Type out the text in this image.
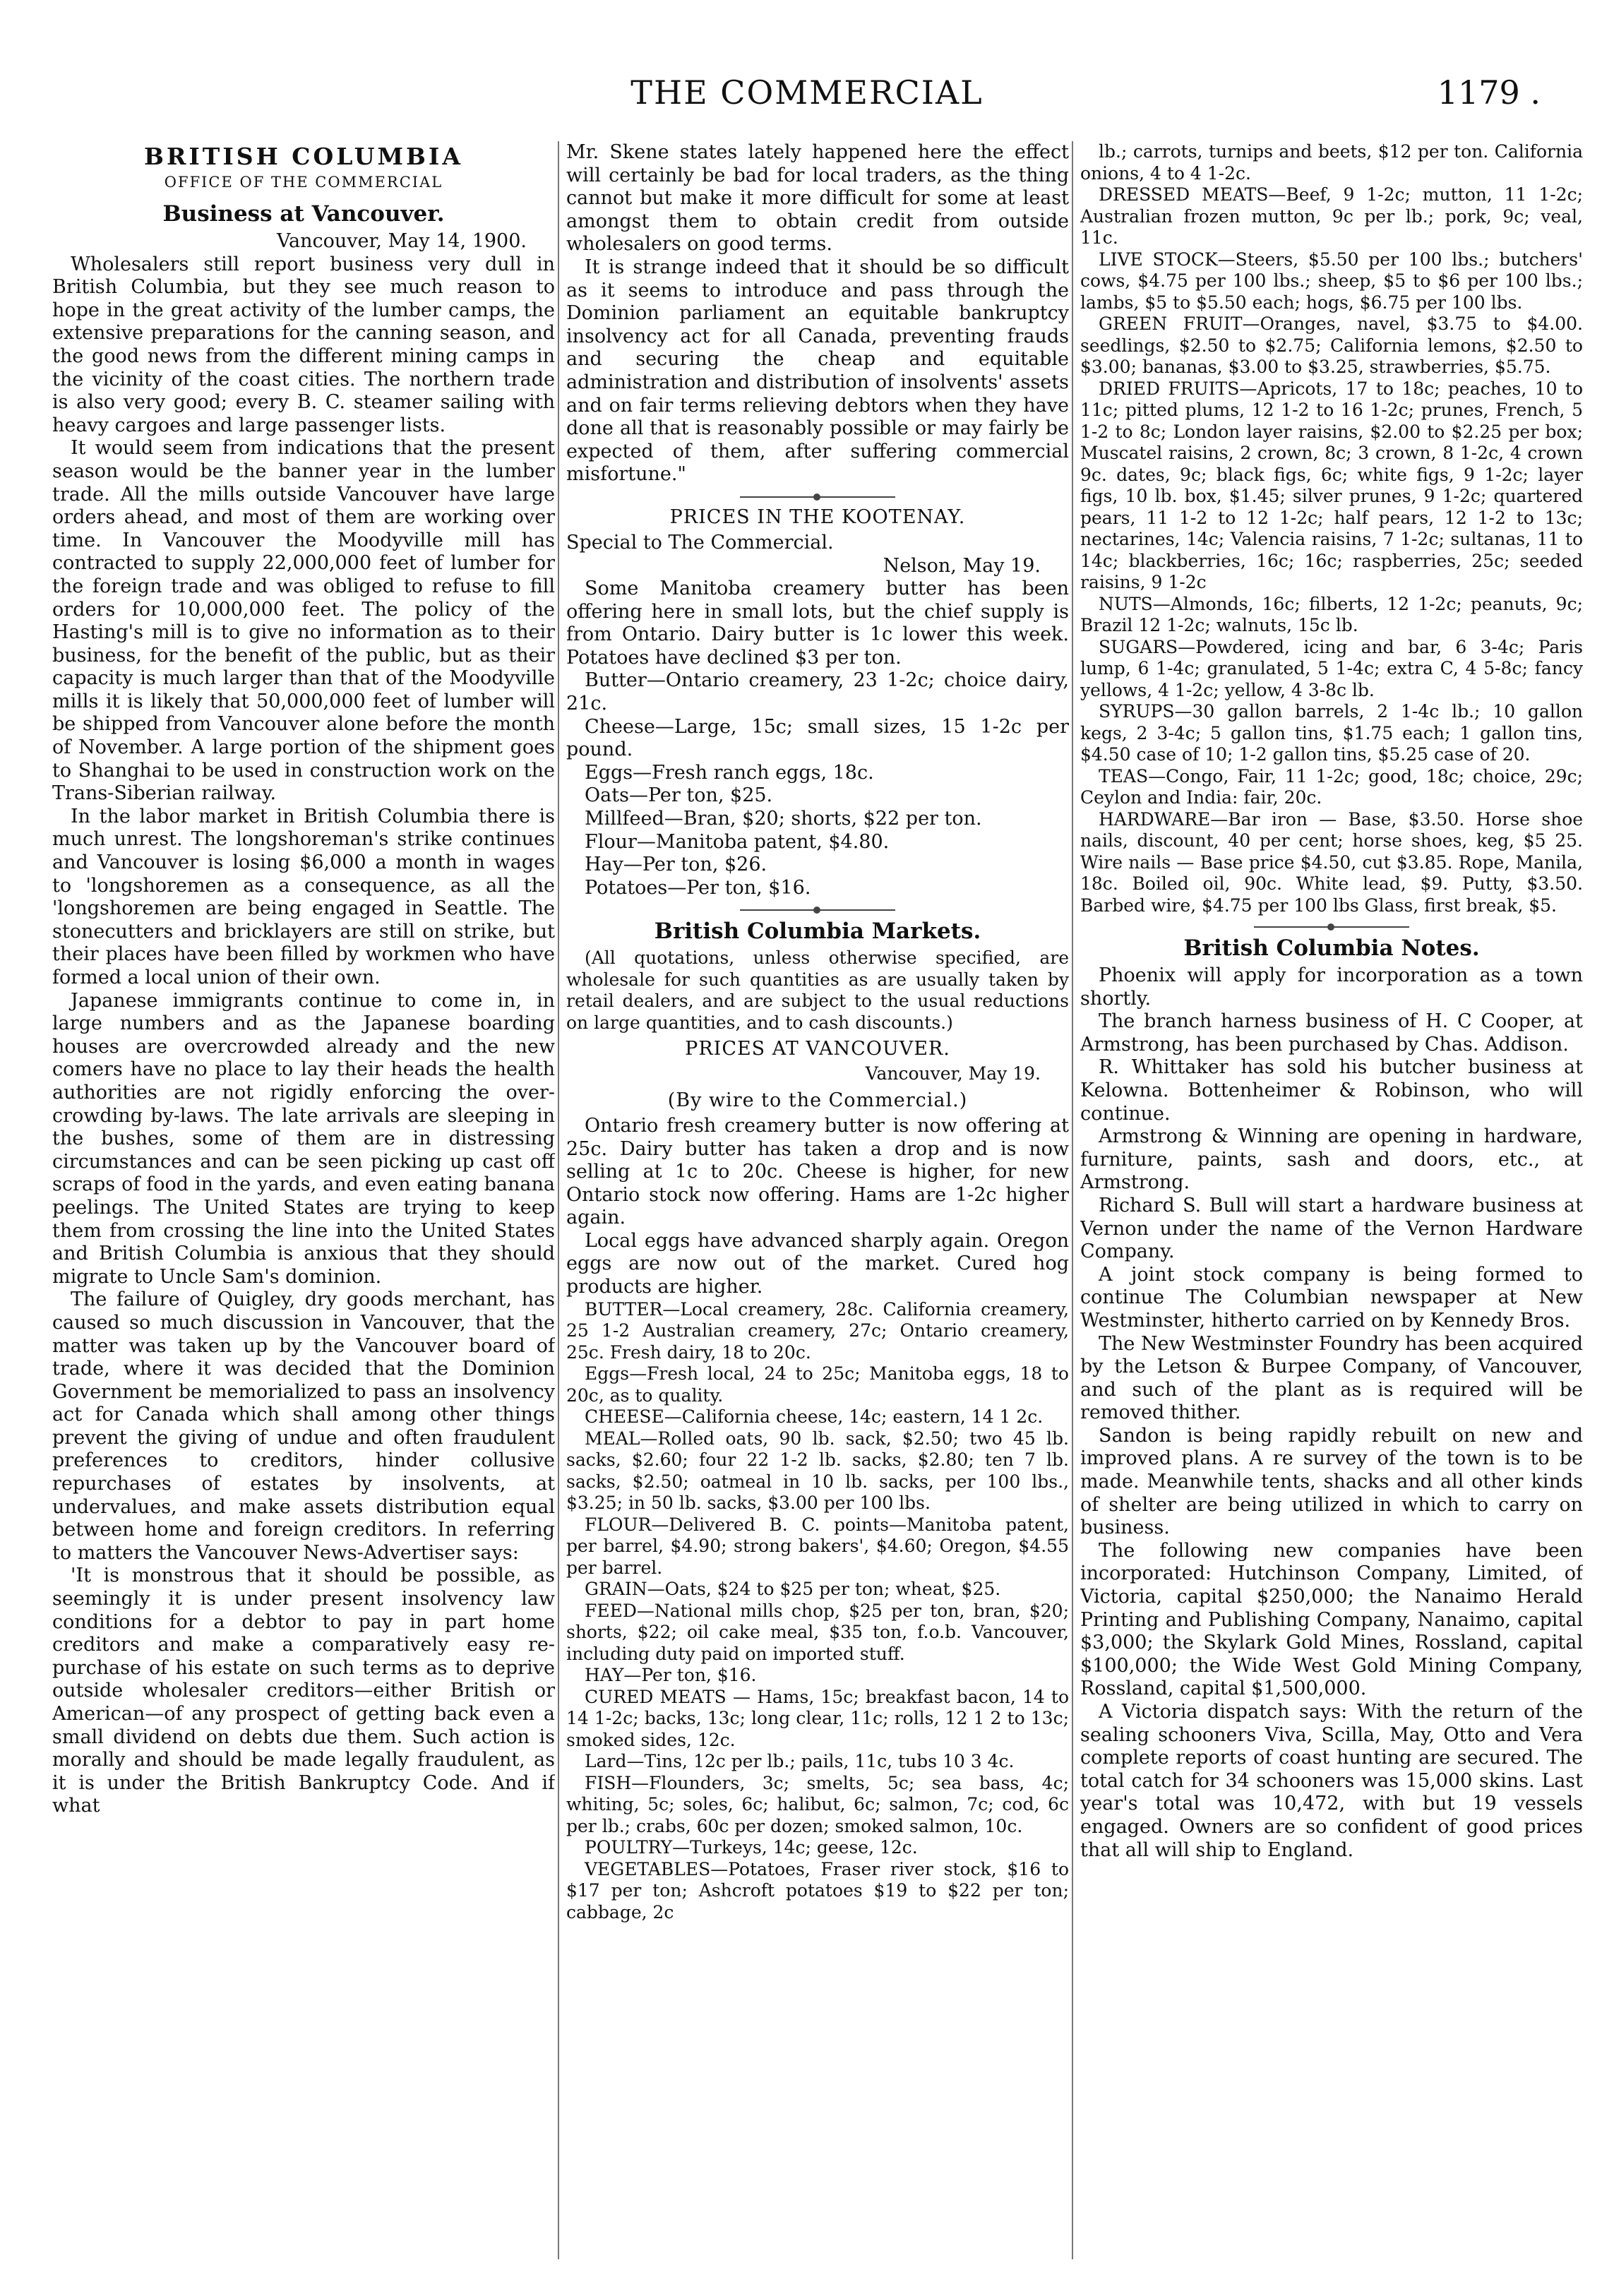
THE COMMERCIAL	1179 .
BRITISH COLUMBIA
OFFICE OF THE COMMERCIAL
Business at Vancouver.
Vancouver, May 14, 1900.

Wholesalers still report business very dull in British Columbia, but they see much reason to hope in the great activity of the lumber camps, the extensive preparations for the canning season, and the good news from the different mining camps in the vicinity of the coast cities. The northern trade is also very good; every B. C. steamer sailing with heavy cargoes and large passenger lists.

It would seem from indications that the present season would be the banner year in the lumber trade. All the mills outside Vancouver have large orders ahead, and most of them are working over time. In Vancouver the Moodyville mill has contracted to supply 22,000,000 feet of lumber for the foreign trade and was obliged to refuse to fill orders for 10,000,000 feet. The policy of the Hasting's mill is to give no information as to their business, for the benefit of the public, but as their capacity is much larger than that of the Moodyville mills it is likely that 50,000,000 feet of lumber will be shipped from Vancouver alone before the month of November. A large portion of the shipment goes to Shanghai to be used in construction work on the Trans-Siberian railway.

In the labor market in British Columbia there is much unrest. The longshoreman's strike continues and Vancouver is losing $6,000 a month in wages to 'longshoremen as a consequence, as all the 'longshoremen are being engaged in Seattle. The stonecutters and bricklayers are still on strike, but their places have been filled by workmen who have formed a local union of their own.

Japanese immigrants continue to come in, in large numbers and as the Japanese boarding houses are overcrowded already and the new comers have no place to lay their heads the health authorities are not rigidly enforcing the over-crowding by-laws. The late arrivals are sleeping in the bushes, some of them are in distressing circumstances and can be seen picking up cast off scraps of food in the yards, and even eating banana peelings. The United States are trying to keep them from crossing the line into the United States and British Columbia is anxious that they should migrate to Uncle Sam's dominion.

The failure of Quigley, dry goods merchant, has caused so much discussion in Vancouver, that the matter was taken up by the Vancouver board of trade, where it was decided that the Dominion Government be memorialized to pass an insolvency act for Canada which shall among other things prevent the giving of undue and often fraudulent preferences to creditors, hinder collusive repurchases of estates by insolvents, at undervalues, and make assets distribution equal between home and foreign creditors. In referring to matters the Vancouver News-Advertiser says:

'It is monstrous that it should be possible, as seemingly it is under present insolvency law conditions for a debtor to pay in part home creditors and make a comparatively easy re-purchase of his estate on such terms as to deprive outside wholesaler creditors—either British or American—of any prospect of getting back even a small dividend on debts due them. Such action is morally and should be made legally fraudulent, as it is under the British Bankruptcy Code. And if what

Mr. Skene states lately happened here the effect will certainly be bad for local traders, as the thing cannot but make it more difficult for some at least amongst them to obtain credit from outside wholesalers on good terms.

It is strange indeed that it should be so difficult as it seems to introduce and pass through the Dominion parliament an equitable bankruptcy insolvency act for all Canada, preventing frauds and securing the cheap and equitable administration and distribution of insolvents' assets and on fair terms relieving debtors when they have done all that is reasonably possible or may fairly be expected of them, after suffering commercial misfortune."

PRICES IN THE KOOTENAY.

Special to The Commercial.

Nelson, May 19.

Some Manitoba creamery butter has been offering here in small lots, but the chief supply is from Ontario. Dairy butter is 1c lower this week. Potatoes have declined $3 per ton.

Butter—Ontario creamery, 23 1-2c; choice dairy, 21c.

Cheese—Large, 15c; small sizes, 15 1-2c per pound.

Eggs—Fresh ranch eggs, 18c.

Oats—Per ton, $25.

Millfeed—Bran, $20; shorts, $22 per ton.

Flour—Manitoba patent, $4.80.

Hay—Per ton, $26.

Potatoes—Per ton, $16.

British Columbia Markets.

(All quotations, unless otherwise specified, are wholesale for such quantities as are usually taken by retail dealers, and are subject to the usual reductions on large quantities, and to cash discounts.)

PRICES AT VANCOUVER.
Vancouver, May 19.
(By wire to the Commercial.)

Ontario fresh creamery butter is now offering at 25c. Dairy butter has taken a drop and is now selling at 1c to 20c. Cheese is higher, for new Ontario stock now offering. Hams are 1-2c higher again.

Local eggs have advanced sharply again. Oregon eggs are now out of the market. Cured hog products are higher.

BUTTER—Local creamery, 28c. California creamery, 25 1-2 Australian creamery, 27c; Ontario creamery, 25c. Fresh dairy, 18 to 20c.

Eggs—Fresh local, 24 to 25c; Manitoba eggs, 18 to 20c, as to quality.

CHEESE—California cheese, 14c; eastern, 14 1 2c.

MEAL—Rolled oats, 90 lb. sack, $2.50; two 45 lb. sacks, $2.60; four 22 1-2 lb. sacks, $2.80; ten 7 lb. sacks, $2.50; oatmeal in 10 lb. sacks, per 100 lbs., $3.25; in 50 lb. sacks, $3.00 per 100 lbs.

FLOUR—Delivered B. C. points—Manitoba patent, per barrel, $4.90; strong bakers', $4.60; Oregon, $4.55 per barrel.

GRAIN—Oats, $24 to $25 per ton; wheat, $25.

FEED—National mills chop, $25 per ton, bran, $20; shorts, $22; oil cake meal, $35 ton, f.o.b. Vancouver, including duty paid on imported stuff.

HAY—Per ton, $16.

CURED MEATS — Hams, 15c; breakfast bacon, 14 to 14 1-2c; backs, 13c; long clear, 11c; rolls, 12 1 2 to 13c; smoked sides, 12c.

Lard—Tins, 12c per lb.; pails, 11c, tubs 10 3 4c.

FISH—Flounders, 3c; smelts, 5c; sea bass, 4c; whiting, 5c; soles, 6c; halibut, 6c; salmon, 7c; cod, 6c per lb.; crabs, 60c per dozen; smoked salmon, 10c.

POULTRY—Turkeys, 14c; geese, 12c.

VEGETABLES—Potatoes, Fraser river stock, $16 to $17 per ton; Ashcroft potatoes $19 to $22 per ton; cabbage, 2c

lb.; carrots, turnips and beets, $12 per ton. California onions, 4 to 4 1-2c.

DRESSED MEATS—Beef, 9 1-2c; mutton, 11 1-2c; Australian frozen mutton, 9c per lb.; pork, 9c; veal, 11c.

LIVE STOCK—Steers, $5.50 per 100 lbs.; butchers' cows, $4.75 per 100 lbs.; sheep, $5 to $6 per 100 lbs.; lambs, $5 to $5.50 each; hogs, $6.75 per 100 lbs.

GREEN FRUIT—Oranges, navel, $3.75 to $4.00. seedlings, $2.50 to $2.75; California lemons, $2.50 to $3.00; bananas, $3.00 to $3.25, strawberries, $5.75.

DRIED FRUITS—Apricots, 17 to 18c; peaches, 10 to 11c; pitted plums, 12 1-2 to 16 1-2c; prunes, French, 5 1-2 to 8c; London layer raisins, $2.00 to $2.25 per box; Muscatel raisins, 2 crown, 8c; 3 crown, 8 1-2c, 4 crown 9c. dates, 9c; black figs, 6c; white figs, 9 1-2c; layer figs, 10 lb. box, $1.45; silver prunes, 9 1-2c; quartered pears, 11 1-2 to 12 1-2c; half pears, 12 1-2 to 13c; nectarines, 14c; Valencia raisins, 7 1-2c; sultanas, 11 to 14c; blackberries, 16c; 16c; raspberries, 25c; seeded raisins, 9 1-2c

NUTS—Almonds, 16c; filberts, 12 1-2c; peanuts, 9c; Brazil 12 1-2c; walnuts, 15c lb.

SUGARS—Powdered, icing and bar, 6 3-4c; Paris lump, 6 1-4c; granulated, 5 1-4c; extra C, 4 5-8c; fancy yellows, 4 1-2c; yellow, 4 3-8c lb.

SYRUPS—30 gallon barrels, 2 1-4c lb.; 10 gallon kegs, 2 3-4c; 5 gallon tins, $1.75 each; 1 gallon tins, $4.50 case of 10; 1-2 gallon tins, $5.25 case of 20.

TEAS—Congo, Fair, 11 1-2c; good, 18c; choice, 29c; Ceylon and India: fair, 20c.

HARDWARE—Bar iron — Base, $3.50. Horse shoe nails, discount, 40 per cent; horse shoes, keg, $5 25. Wire nails — Base price $4.50, cut $3.85. Rope, Manila, 18c. Boiled oil, 90c. White lead, $9. Putty, $3.50. Barbed wire, $4.75 per 100 lbs Glass, first break, $5.

British Columbia Notes.

Phoenix will apply for incorporation as a town shortly.

The branch harness business of H. C Cooper, at Armstrong, has been purchased by Chas. Addison.

R. Whittaker has sold his butcher business at Kelowna. Bottenheimer & Robinson, who will continue.

Armstrong & Winning are opening in hardware, furniture, paints, sash and doors, etc., at Armstrong.

Richard S. Bull will start a hardware business at Vernon under the name of the Vernon Hardware Company.

A joint stock company is being formed to continue The Columbian newspaper at New Westminster, hitherto carried on by Kennedy Bros.

The New Westminster Foundry has been acquired by the Letson & Burpee Company, of Vancouver, and such of the plant as is required will be removed thither.

Sandon is being rapidly rebuilt on new and improved plans. A re survey of the town is to be made. Meanwhile tents, shacks and all other kinds of shelter are being utilized in which to carry on business.

The following new companies have been incorporated: Hutchinson Company, Limited, of Victoria, capital $250,000; the Nanaimo Herald Printing and Publishing Company, Nanaimo, capital $3,000; the Skylark Gold Mines, Rossland, capital $100,000; the Wide West Gold Mining Company, Rossland, capital $1,500,000.

A Victoria dispatch says: With the return of the sealing schooners Viva, Scilla, May, Otto and Vera complete reports of coast hunting are secured. The total catch for 34 schooners was 15,000 skins. Last year's total was 10,472, with but 19 vessels engaged. Owners are so confident of good prices that all will ship to England.
